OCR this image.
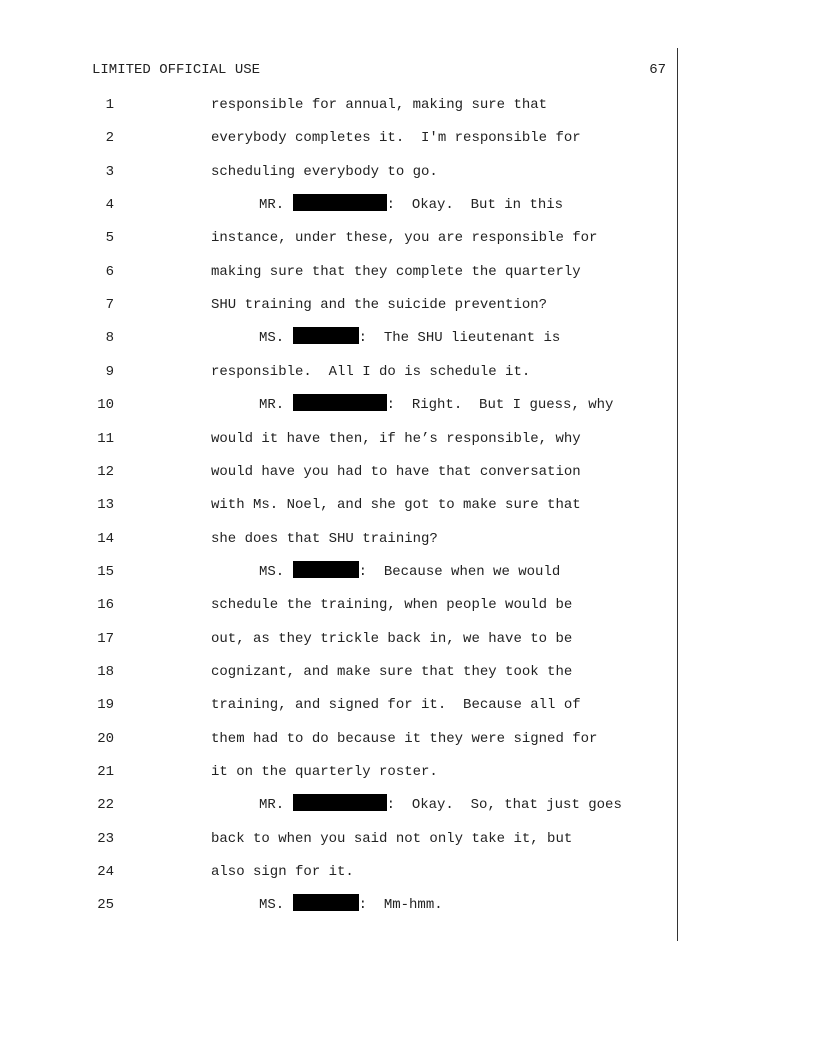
LIMITED OFFICIAL USE	67
1	responsible for annual, making sure that
2	everybody completes it.  I'm responsible for
3	scheduling everybody to go.
4	MR.	:  Okay.  But in this
5	instance, under these, you are responsible for
6	making sure that they complete the quarterly
7	SHU training and the suicide prevention?
8	MS.	:  The SHU lieutenant is
9	responsible.  All I do is schedule it.
10	MR.	:  Right.  But I guess, why
11	would it have then, if he’s responsible, why
12	would have you had to have that conversation
13	with Ms. Noel, and she got to make sure that
14	she does that SHU training?
15	MS.	:  Because when we would
16	schedule the training, when people would be
17	out, as they trickle back in, we have to be
18	cognizant, and make sure that they took the
19	training, and signed for it.  Because all of
20	them had to do because it they were signed for
21	it on the quarterly roster.
22	MR.	:  Okay.  So, that just goes
23	back to when you said not only take it, but
24	also sign for it.
25	MS.	:  Mm-hmm.
